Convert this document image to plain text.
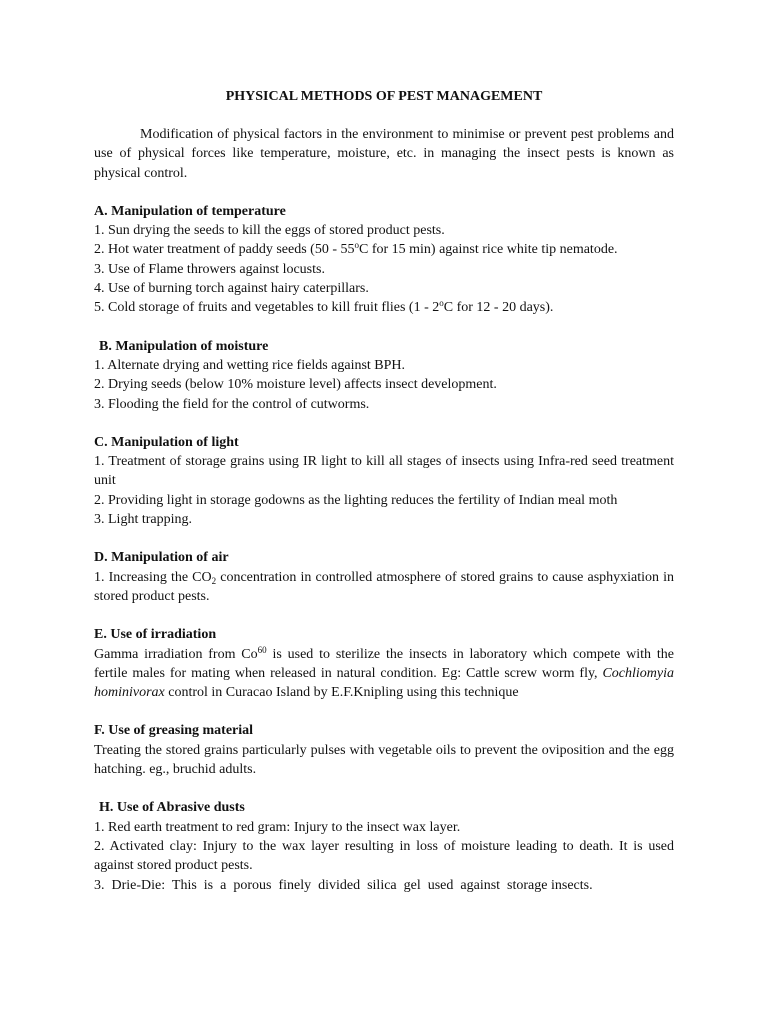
PHYSICAL METHODS OF PEST MANAGEMENT

Modification of physical factors in the environment to minimise or prevent pest problems and use of physical forces like temperature, moisture, etc. in managing the insect pests is known as physical control.

A. Manipulation of temperature

1. Sun drying the seeds to kill the eggs of stored product pests.

2. Hot water treatment of paddy seeds (50 - 55$^o$C for 15 min) against rice white tip nematode.

3. Use of Flame throwers against locusts.

4. Use of burning torch against hairy caterpillars.

5. Cold storage of fruits and vegetables to kill fruit flies (1 - 2$^o$C for 12 - 20 days).

B. Manipulation of moisture

1. Alternate drying and wetting rice fields against BPH.

2. Drying seeds (below 10% moisture level) affects insect development.

3. Flooding the field for the control of cutworms.

C. Manipulation of light

1. Treatment of storage grains using IR light to kill all stages of insects using Infra-red seed treatment unit

2. Providing light in storage godowns as the lighting reduces the fertility of Indian meal moth

3. Light trapping.

D. Manipulation of air

1. Increasing the $CO_2$ concentration in controlled atmosphere of stored grains to cause asphyxiation in stored product pests.

E. Use of irradiation

Gamma irradiation from Co$^{60}$ is used to sterilize the insects in laboratory which compete with the fertile males for mating when released in natural condition. Eg: Cattle screw worm fly, Cochliomyia hominivorax control in Curacao Island by E.F.Knipling using this technique

F. Use of greasing material

Treating the stored grains particularly pulses with vegetable oils to prevent the oviposition and the egg hatching. eg., bruchid adults.

H. Use of Abrasive dusts

1. Red earth treatment to red gram: Injury to the insect wax layer.

2. Activated clay: Injury to the wax layer resulting in loss of moisture leading to death. It is used against stored product pests.

3.  Drie-Die:  This  is  a  porous  finely  divided  silica  gel  used  against  storage insects.
